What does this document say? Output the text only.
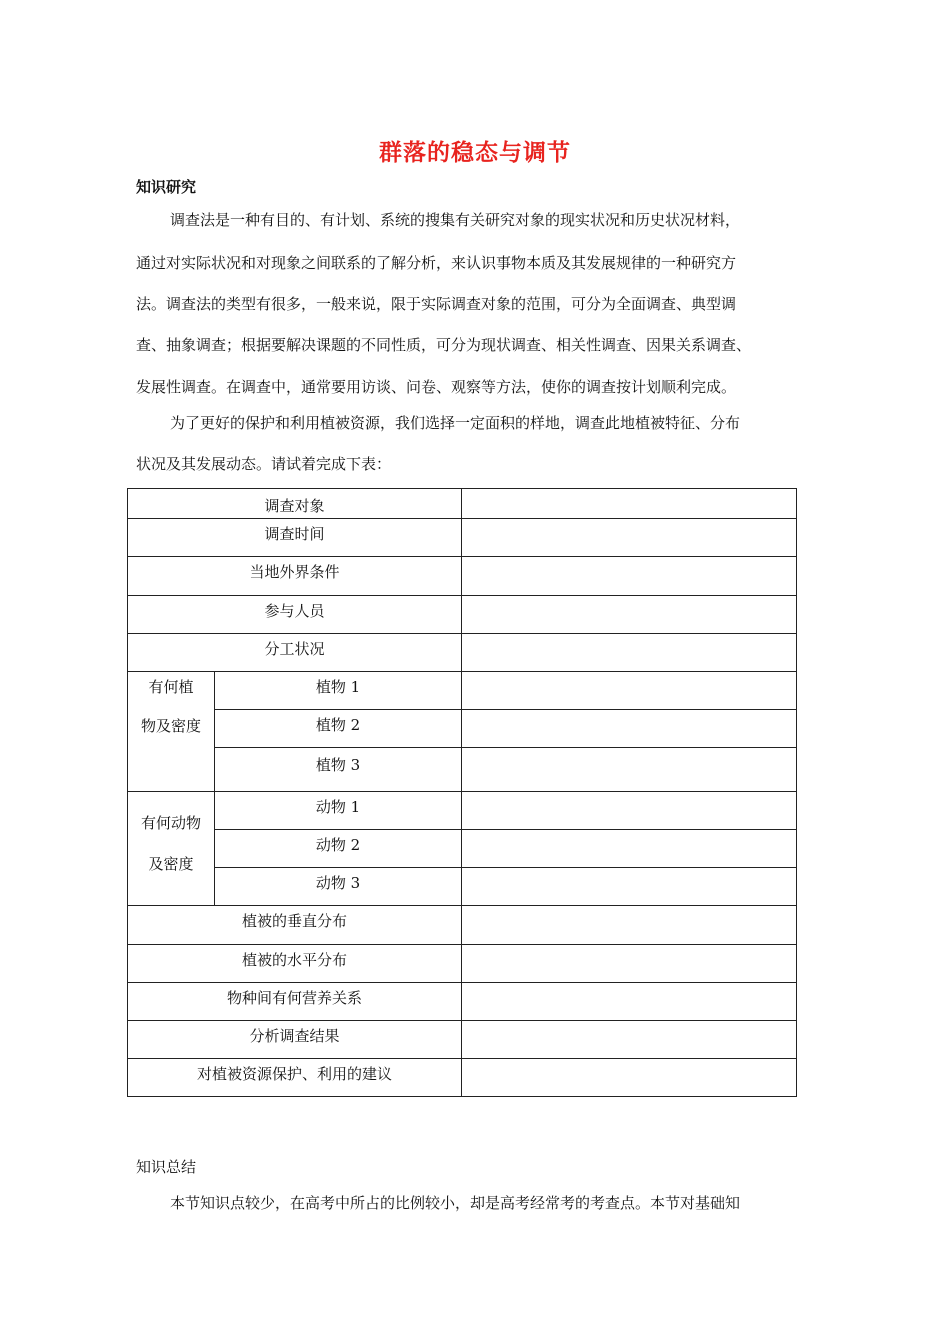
群落的稳态与调节
知识研究
调查法是一种有目的、有计划、系统的搜集有关研究对象的现实状况和历史状况材料，
通过对实际状况和对现象之间联系的了解分析，来认识事物本质及其发展规律的一种研究方
法。调查法的类型有很多，一般来说，限于实际调查对象的范围，可分为全面调查、典型调
查、抽象调查；根据要解决课题的不同性质，可分为现状调查、相关性调查、因果关系调查、
发展性调查。在调查中，通常要用访谈、问卷、观察等方法，使你的调查按计划顺利完成。
为了更好的保护和利用植被资源，我们选择一定面积的样地，调查此地植被特征、分布
状况及其发展动态。请试着完成下表：
调查对象		

调查时间		

当地外界条件		

参与人员		

分工状况		

有何植
物及密度	植物 1	

	植物 2	

	植物 3	

有何动物
及密度	动物 1	

	动物 2	

	动物 3	

植被的垂直分布		

植被的水平分布		

物种间有何营养关系		

分析调查结果		

对植被资源保护、利用的建议		

知识总结
本节知识点较少，在高考中所占的比例较小，却是高考经常考的考查点。本节对基础知
